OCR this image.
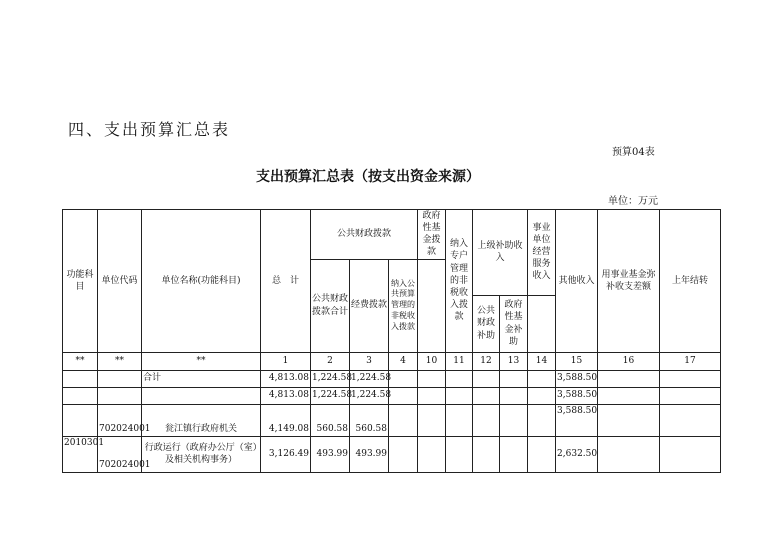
四、支出预算汇总表
预算04表
支出预算汇总表（按支出资金来源）
单位：万元
功能科目	单位代码	单位名称(功能科目)	总　计	公共财政拨款			政府性基金拨款	纳入专户管理的非税收入拨款	上级补助收入		事业单位经营服务收入	其他收入	用事业基金弥补收支差额	上年结转
				公共财政拨款合计	经费拨款	纳入公共预算管理的非税收入拨款								
									公共财政补助	政府性基金补助				
**	**	**	1	2	3	4	10	11	12	13	14	15	16	17
		合计	4,813.08	1,224.58	1,224.58							3,588.50		
			4,813.08	1,224.58	1,224.58							3,588.50		
	702024001	瓮江镇行政府机关	4,149.08	560.58	560.58							3,588.50		
2010301	702024001	行政运行（政府办公厅（室）及相关机构事务）	3,126.49	493.99	493.99							2,632.50		
